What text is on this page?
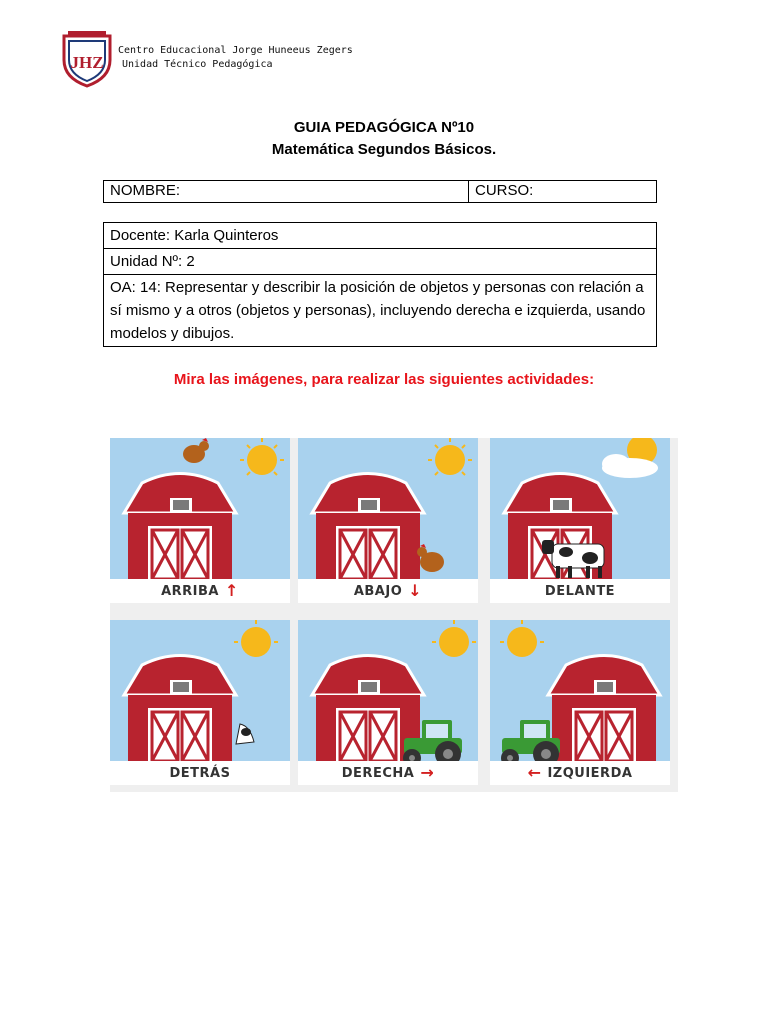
JHZ
Centro Educacional Jorge Huneeus Zegers
Unidad Técnico Pedagógica
GUIA PEDAGÓGICA Nº10
Matemática Segundos Básicos.
NOMBRE:	CURSO:
Docente: Karla Quinteros
Unidad Nº: 2
OA: 14: Representar y describir la posición de objetos y personas con relación a sí mismo y a otros (objetos y personas), incluyendo derecha e izquierda, usando modelos y dibujos.
Mira las imágenes, para realizar las siguientes actividades:
ARRIBA ↑	ABAJO ↓	DELANTE
DETRÁS	DERECHA →	← IZQUIERDA
